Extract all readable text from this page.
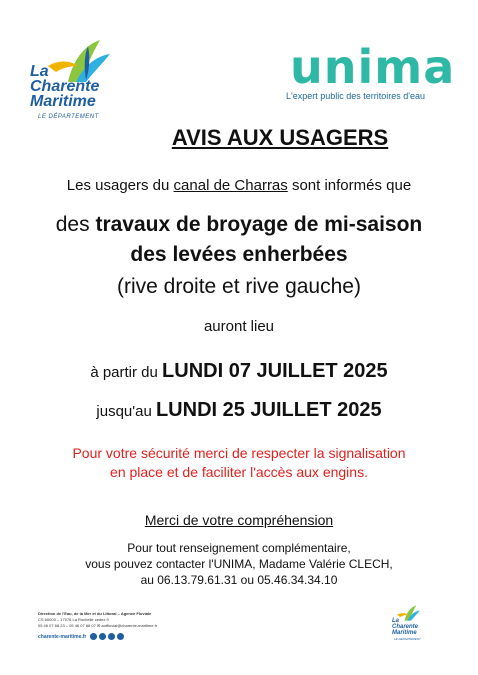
La
Charente
Maritime
LE DÉPARTEMENT
unima
L'expert public des territoires d'eau
AVIS AUX USAGERS
Les usagers du canal de Charras sont informés que
des travaux de broyage de mi-saison
des levées enherbées
(rive droite et rive gauche)
auront lieu
à partir du LUNDI 07 JUILLET 2025
jusqu'au LUNDI 25 JUILLET 2025
Pour votre sécurité merci de respecter la signalisation
en place et de faciliter l'accès aux engins.
Merci de votre compréhension
Pour tout renseignement complémentaire,
vous pouvez contacter l'UNIMA, Madame Valérie CLECH,
au 06.13.79.61.31 ou 05.46.34.34.10
Direction de l'Eau, de la Mer et du Littoral – Agence Fluviale
CS 60003 – 17076 La Rochelle cedex 9
05 46 07 68 23 – 05 46 07 68 07 ✉ aotfluvial@charente-maritime.fr
charente-maritime.fr
La
Charente
Maritime
LE DÉPARTEMENT
